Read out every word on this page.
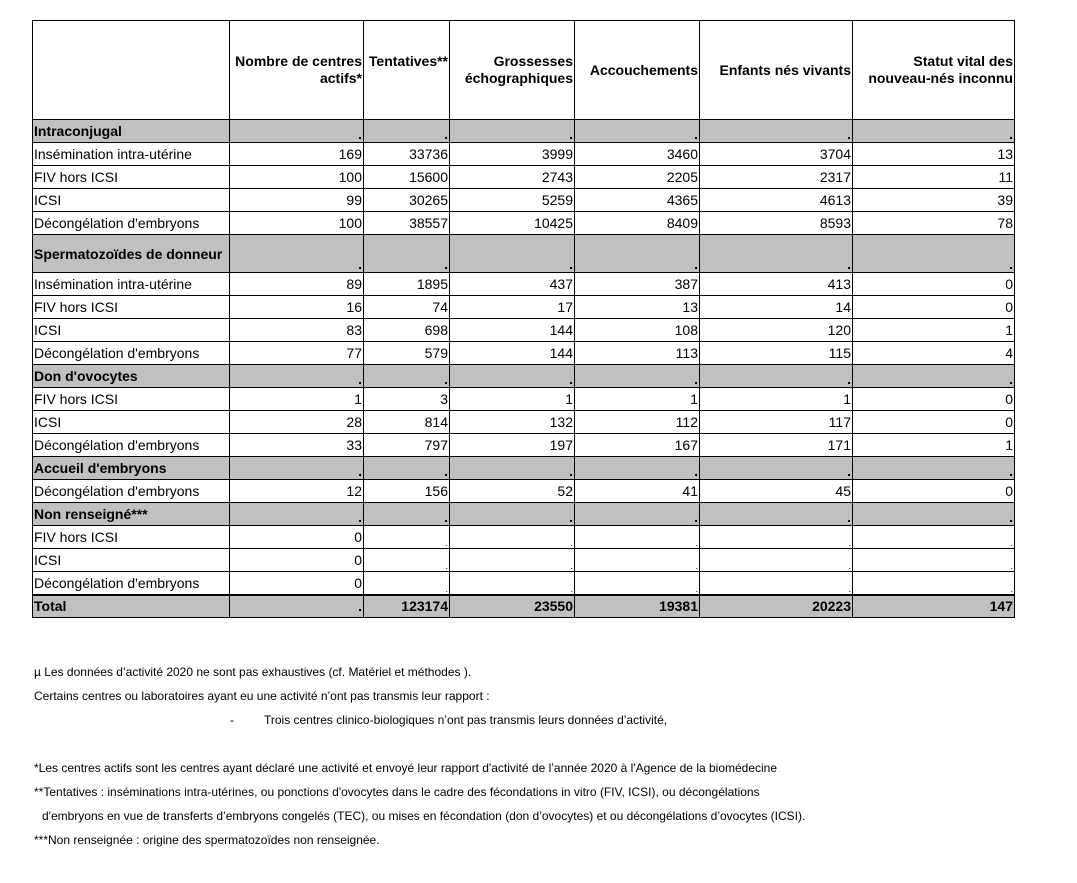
	Nombre de centres actifs*	Tentatives**	Grossesses échographiques	Accouchements	Enfants nés vivants	Statut vital des nouveau-nés inconnu
Intraconjugal	.	.	.	.	.	.
Insémination intra-utérine	169	33736	3999	3460	3704	13
FIV hors ICSI	100	15600	2743	2205	2317	11
ICSI	99	30265	5259	4365	4613	39
Décongélation d'embryons	100	38557	10425	8409	8593	78
Spermatozoïdes de donneur	.	.	.	.	.	.
Insémination intra-utérine	89	1895	437	387	413	0
FIV hors ICSI	16	74	17	13	14	0
ICSI	83	698	144	108	120	1
Décongélation d'embryons	77	579	144	113	115	4
Don d'ovocytes	.	.	.	.	.	.
FIV hors ICSI	1	3	1	1	1	0
ICSI	28	814	132	112	117	0
Décongélation d'embryons	33	797	197	167	171	1
Accueil d'embryons	.	.	.	.	.	.
Décongélation d'embryons	12	156	52	41	45	0
Non renseigné***	.	.	.	.	.	.
FIV hors ICSI	0	.	.	.	.	.
ICSI	0	.	.	.	.	.
Décongélation d'embryons	0	.	.	.	.	.
Total	.	123174	23550	19381	20223	147

µ Les données d’activité 2020 ne sont pas exhaustives (cf. Matériel et méthodes ).

Certains centres ou laboratoires ayant eu une activité n’ont pas transmis leur rapport :

-	Trois centres clinico-biologiques n’ont pas transmis leurs données d’activité,

*Les centres actifs sont les centres ayant déclaré une activité et envoyé leur rapport d'activité de l’année 2020 à l'Agence de la biomédecine

**Tentatives : inséminations intra-utérines, ou ponctions d'ovocytes dans le cadre des fécondations in vitro (FIV, ICSI), ou décongélations

d'embryons en vue de transferts d’embryons congelés (TEC), ou mises en fécondation (don d’ovocytes) et ou décongélations d’ovocytes (ICSI).

***Non renseignée : origine des spermatozoïdes non renseignée.
